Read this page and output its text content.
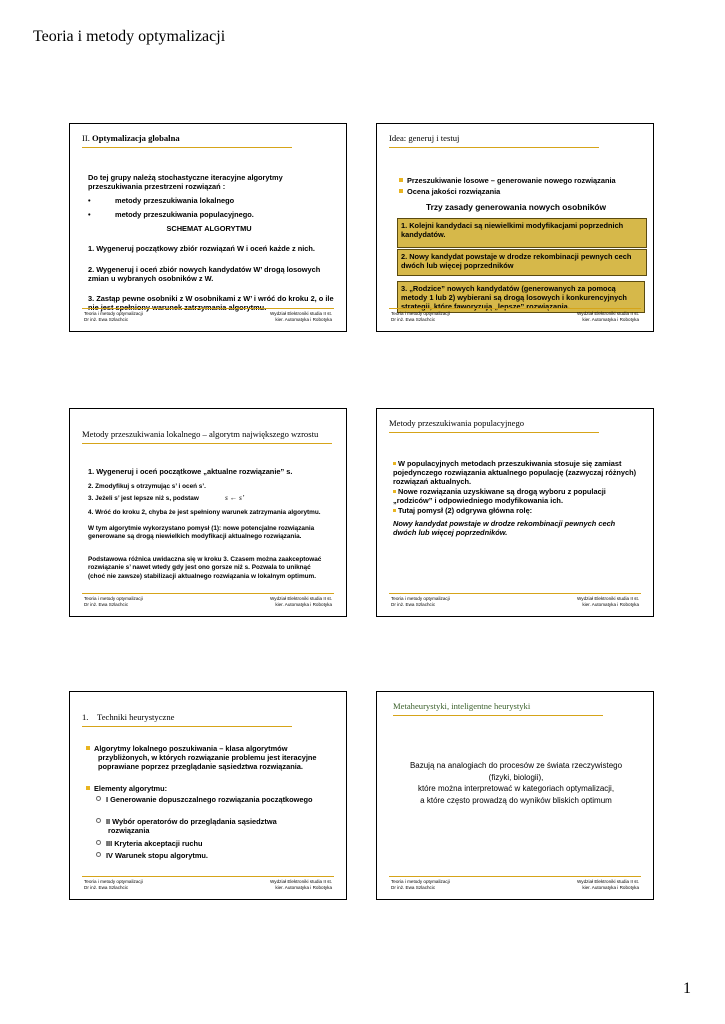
Teoria i metody optymalizacji
II. Optymalizacja globalna
Do tej grupy należą stochastyczne iteracyjne algorytmy przeszukiwania przestrzeni rozwiązań :
•	metody przeszukiwania lokalnego
•	metody przeszukiwania populacyjnego.
SCHEMAT ALGORYTMU
1. Wygeneruj początkowy zbiór rozwiązań W i oceń każde z nich.
2. Wygeneruj i oceń zbiór nowych kandydatów W’ drogą losowych zmian u wybranych osobników z W.
3. Zastąp pewne osobniki z W osobnikami z W’ i wróć do kroku 2, o ile nie jest spełniony warunek zatrzymania algorytmu.
Teoria i metody optymalizacji
Dr inż. Ewa Szlachcic
Wydział Elektroniki studia II st.
kier. Automatyka i Robotyka
Idea: generuj i testuj
Przeszukiwanie losowe – generowanie nowego rozwiązania
Ocena jakości rozwiązania
Trzy zasady generowania nowych osobników
1. Kolejni kandydaci są niewielkimi modyfikacjami poprzednich kandydatów.
2. Nowy kandydat powstaje w drodze rekombinacji pewnych cech dwóch lub więcej poprzedników
3. „Rodzice” nowych kandydatów (generowanych za pomocą metody 1 lub 2) wybierani są drogą losowych i konkurencyjnych strategii, które faworyzują „lepsze” rozwiązania.
Teoria i metody optymalizacji
Dr inż. Ewa Szlachcic
Wydział Elektroniki studia II st.
kier. Automatyka i Robotyka
Metody przeszukiwania lokalnego – algorytm największego wzrostu
1. Wygeneruj i oceń początkowe „aktualne rozwiązanie” s.
2. Zmodyfikuj s otrzymując s’ i oceń s’.
3. Jeżeli s’ jest lepsze niż s, podstaw	s ← s’
4. Wróć do kroku 2, chyba że jest spełniony warunek zatrzymania algorytmu.
W tym algorytmie wykorzystano pomysł (1): nowe potencjalne rozwiązania generowane są drogą niewielkich modyfikacji aktualnego rozwiązania.
Podstawowa różnica uwidaczna się w kroku 3. Czasem można zaakceptować rozwiązanie s’ nawet wtedy gdy jest ono gorsze niż s. Pozwala to uniknąć (choć nie zawsze) stabilizacji aktualnego rozwiązania w lokalnym optimum.
Teoria i metody optymalizacji
Dr inż. Ewa Szlachcic
Wydział Elektroniki studia II st.
kier. Automatyka i Robotyka
Metody przeszukiwania populacyjnego
W populacyjnych metodach przeszukiwania stosuje się zamiast pojedynczego rozwiązania aktualnego populację (zazwyczaj różnych) rozwiązań aktualnych.
Nowe rozwiązania uzyskiwane są drogą wyboru z populacji „rodziców” i odpowiedniego modyfikowania ich.
Tutaj pomysł (2) odgrywa główna rolę:
Nowy kandydat powstaje w drodze rekombinacji pewnych cech dwóch lub więcej poprzedników.
Teoria i metody optymalizacji
Dr inż. Ewa Szlachcic
Wydział Elektroniki studia II st.
kier. Automatyka i Robotyka
1. Techniki heurystyczne
Algorytmy lokalnego poszukiwania – klasa algorytmów przybliżonych, w których rozwiązanie problemu jest iteracyjne poprawiane poprzez przeglądanie sąsiedztwa rozwiązania.
Elementy algorytmu:
I Generowanie dopuszczalnego rozwiązania początkowego
II Wybór operatorów do przeglądania sąsiedztwa rozwiązania
III Kryteria akceptacji ruchu
IV Warunek stopu algorytmu.
Teoria i metody optymalizacji
Dr inż. Ewa Szlachcic
Wydział Elektroniki studia II st.
kier. Automatyka i Robotyka
Metaheurystyki, inteligentne heurystyki
Bazują na analogiach do procesów ze świata rzeczywistego
(fizyki, biologii),
które można interpretować w kategoriach optymalizacji,
a które często prowadzą do wyników bliskich optimum
Teoria i metody optymalizacji
Dr inż. Ewa Szlachcic
Wydział Elektroniki studia II st.
kier. Automatyka i Robotyka
1
